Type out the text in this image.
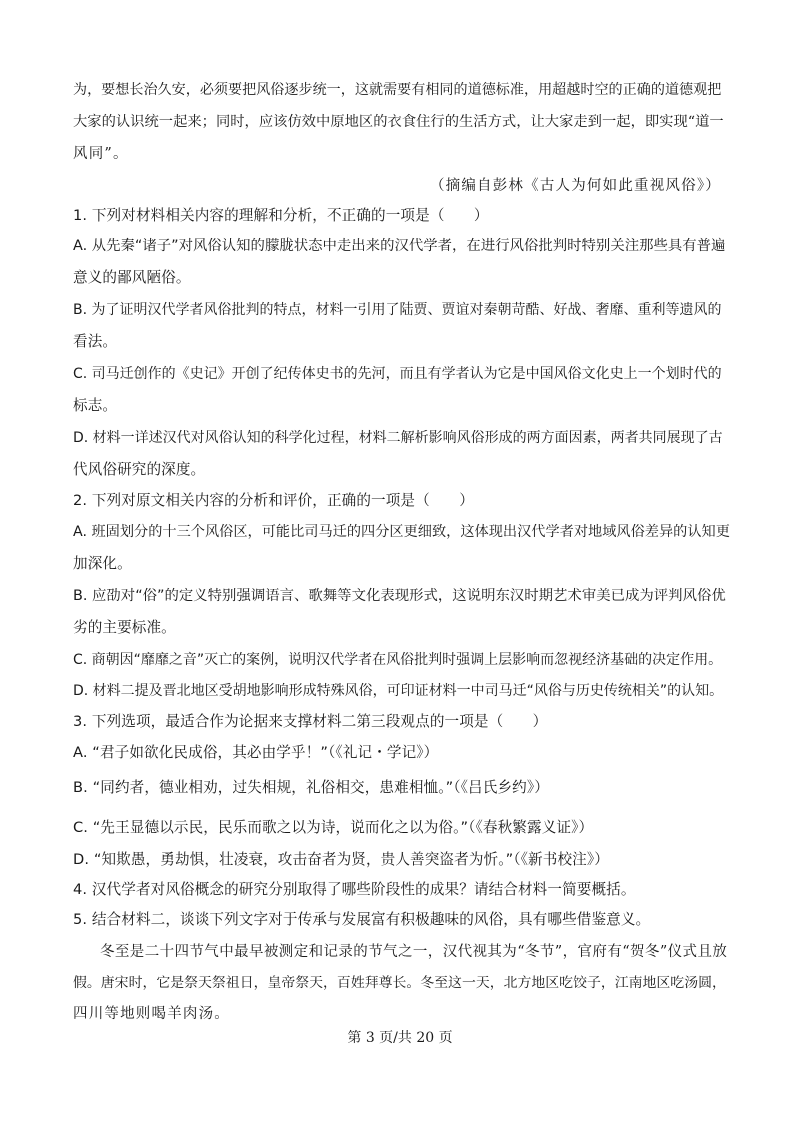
为，要想长治久安，必须要把风俗逐步统一，这就需要有相同的道德标准，用超越时空的正确的道德观把
大家的认识统一起来；同时，应该仿效中原地区的衣食住行的生活方式，让大家走到一起，即实现“道一
风同”。
（摘编自彭林《古人为何如此重视风俗》）
1. 下列对材料相关内容的理解和分析，不正确的一项是（　　）
A. 从先秦“诸子”对风俗认知的朦胧状态中走出来的汉代学者，在进行风俗批判时特别关注那些具有普遍
意义的鄙风陋俗。
B. 为了证明汉代学者风俗批判的特点，材料一引用了陆贾、贾谊对秦朝苛酷、好战、奢靡、重利等遗风的
看法。
C. 司马迁创作的《史记》开创了纪传体史书的先河，而且有学者认为它是中国风俗文化史上一个划时代的
标志。
D. 材料一详述汉代对风俗认知的科学化过程，材料二解析影响风俗形成的两方面因素，两者共同展现了古
代风俗研究的深度。
2. 下列对原文相关内容的分析和评价，正确的一项是（　　）
A. 班固划分的十三个风俗区，可能比司马迁的四分区更细致，这体现出汉代学者对地域风俗差异的认知更
加深化。
B. 应劭对“俗”的定义特别强调语言、歌舞等文化表现形式，这说明东汉时期艺术审美已成为评判风俗优
劣的主要标准。
C. 商朝因“靡靡之音”灭亡的案例，说明汉代学者在风俗批判时强调上层影响而忽视经济基础的决定作用。
D. 材料二提及晋北地区受胡地影响形成特殊风俗，可印证材料一中司马迁“风俗与历史传统相关”的认知。
3. 下列选项，最适合作为论据来支撑材料二第三段观点的一项是（　　）
A. “君子如欲化民成俗，其必由学乎！”（《礼记・学记》）
B. “同约者，德业相劝，过失相规，礼俗相交，患难相恤。”（《吕氏乡约》）
C. “先王显德以示民，民乐而歌之以为诗，说而化之以为俗。”（《春秋繁露义证》）
D. “知欺愚，勇劫惧，壮凌衰，攻击奋者为贤，贵人善突盗者为忻。”（《新书校注》）
4. 汉代学者对风俗概念的研究分别取得了哪些阶段性的成果？请结合材料一简要概括。
5. 结合材料二，谈谈下列文字对于传承与发展富有积极趣味的风俗，具有哪些借鉴意义。
冬至是二十四节气中最早被测定和记录的节气之一，汉代视其为“冬节”，官府有“贺冬”仪式且放
假。唐宋时，它是祭天祭祖日，皇帝祭天，百姓拜尊长。冬至这一天，北方地区吃饺子，江南地区吃汤圆，
四川等地则喝羊肉汤。
第 3 页/共 20 页
